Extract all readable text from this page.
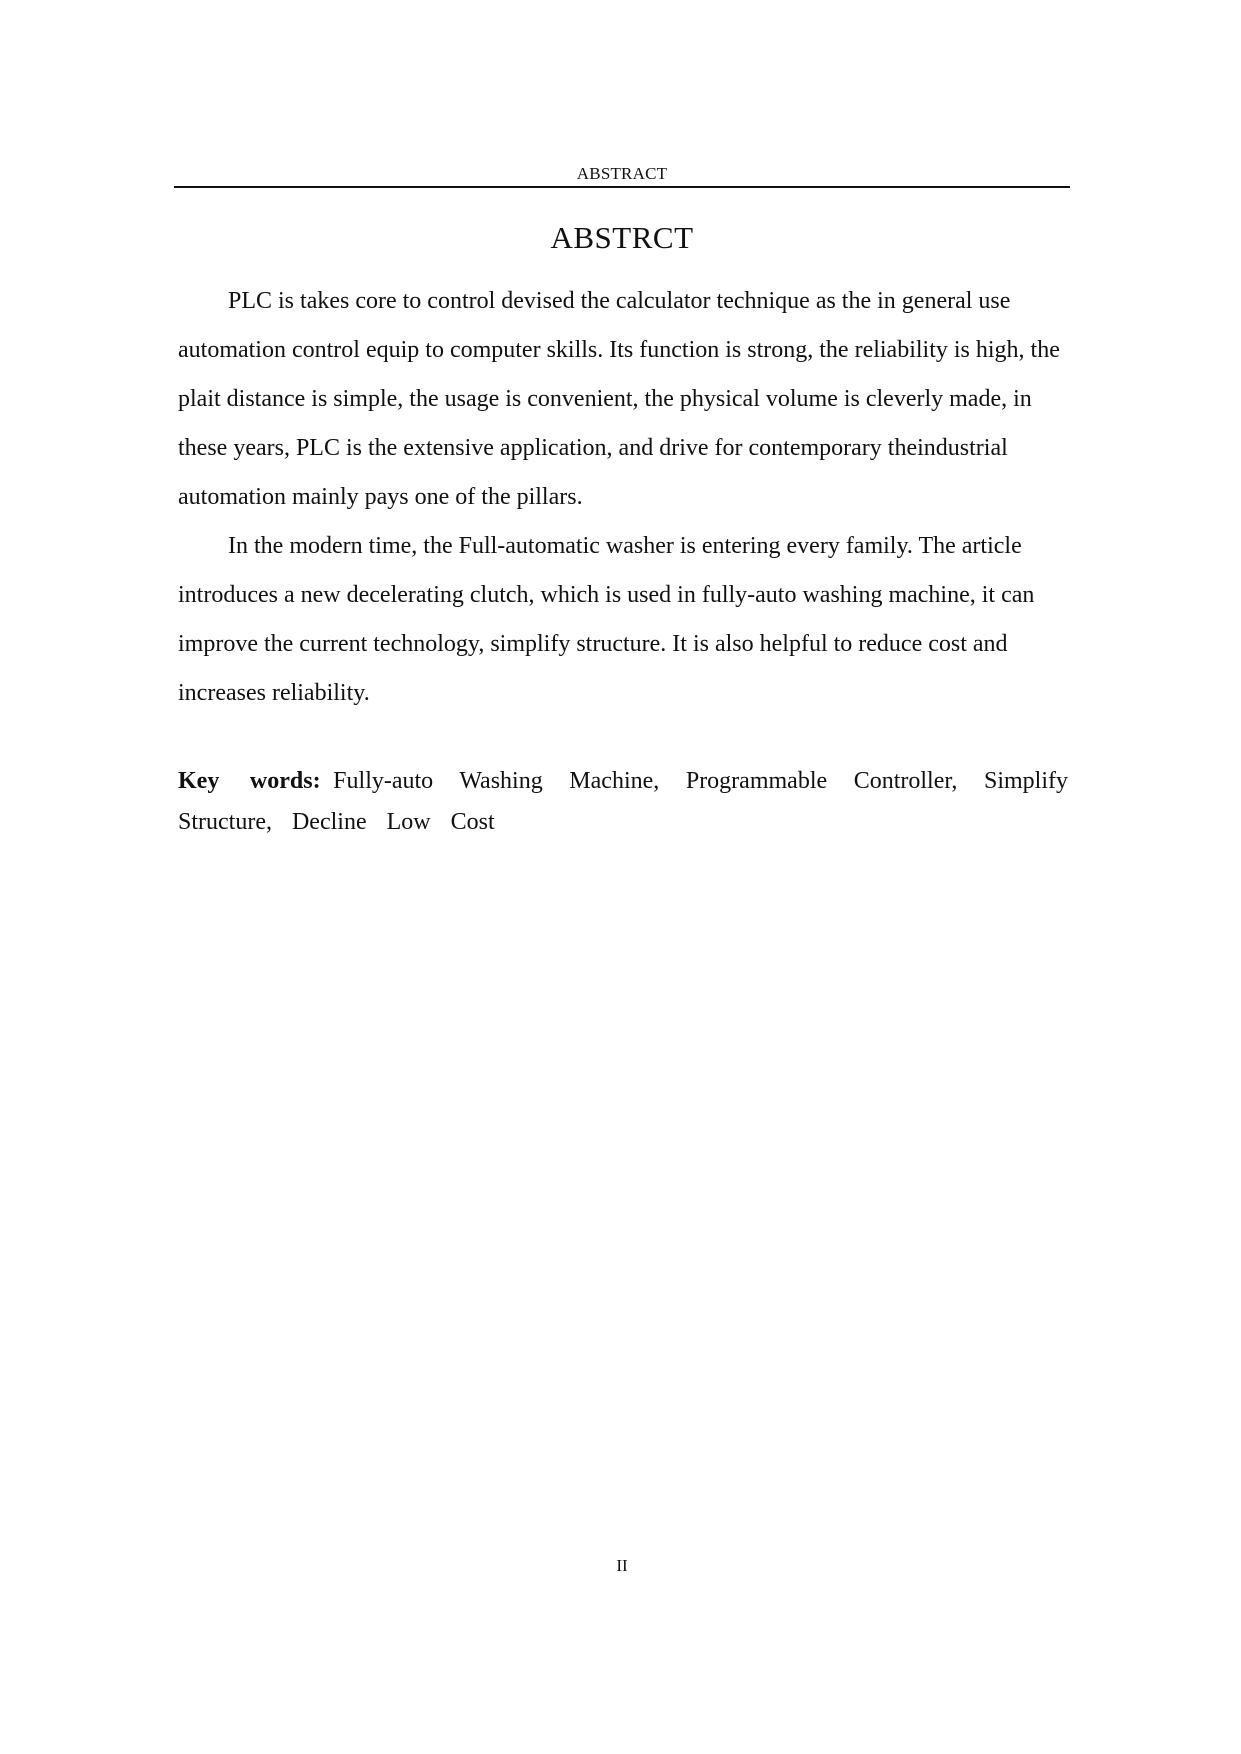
ABSTRACT
ABSTRCT

PLC is takes core to control devised the calculator technique as the in general use automation control equip to computer skills. Its function is strong, the reliability is high, the plait distance is simple, the usage is convenient, the physical volume is cleverly made, in these years, PLC is the extensive application, and drive for contemporary theindustrial automation mainly pays one of the pillars.

In the modern time, the Full-automatic washer is entering every family. The article introduces a new decelerating clutch, which is used in fully-auto washing machine, it can improve the current technology, simplify structure. It is also helpful to reduce cost and increases reliability.

Key words: Fully-auto Washing Machine, Programmable Controller, Simplify Structure, Decline Low Cost
II
